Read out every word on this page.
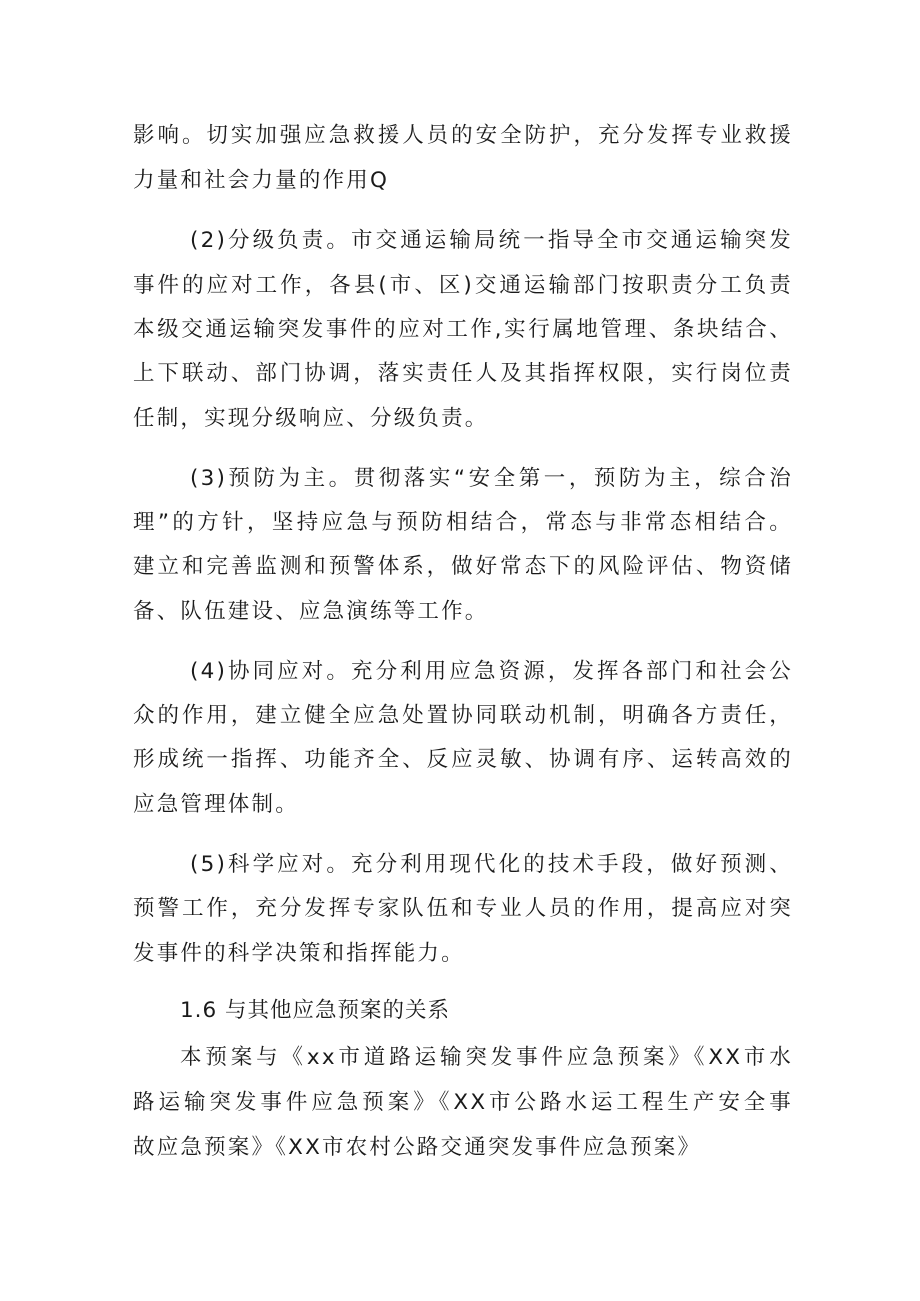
影响。切实加强应急救援人员的安全防护，充分发挥专业救援
力量和社会力量的作用Q
(2)分级负责。市交通运输局统一指导全市交通运输突发
事件的应对工作，各县(市、区)交通运输部门按职责分工负责
本级交通运输突发事件的应对工作,实行属地管理、条块结合、
上下联动、部门协调，落实责任人及其指挥权限，实行岗位责
任制，实现分级响应、分级负责。
(3)预防为主。贯彻落实“安全第一，预防为主，综合治
理”的方针，坚持应急与预防相结合，常态与非常态相结合。
建立和完善监测和预警体系，做好常态下的风险评估、物资储
备、队伍建设、应急演练等工作。
(4)协同应对。充分利用应急资源，发挥各部门和社会公
众的作用，建立健全应急处置协同联动机制，明确各方责任，
形成统一指挥、功能齐全、反应灵敏、协调有序、运转高效的
应急管理体制。
(5)科学应对。充分利用现代化的技术手段，做好预测、
预警工作，充分发挥专家队伍和专业人员的作用，提高应对突
发事件的科学决策和指挥能力。
1.6 与其他应急预案的关系
本预案与《xx市道路运输突发事件应急预案》《XX市水
路运输突发事件应急预案》《XX市公路水运工程生产安全事
故应急预案》《XX市农村公路交通突发事件应急预案》
